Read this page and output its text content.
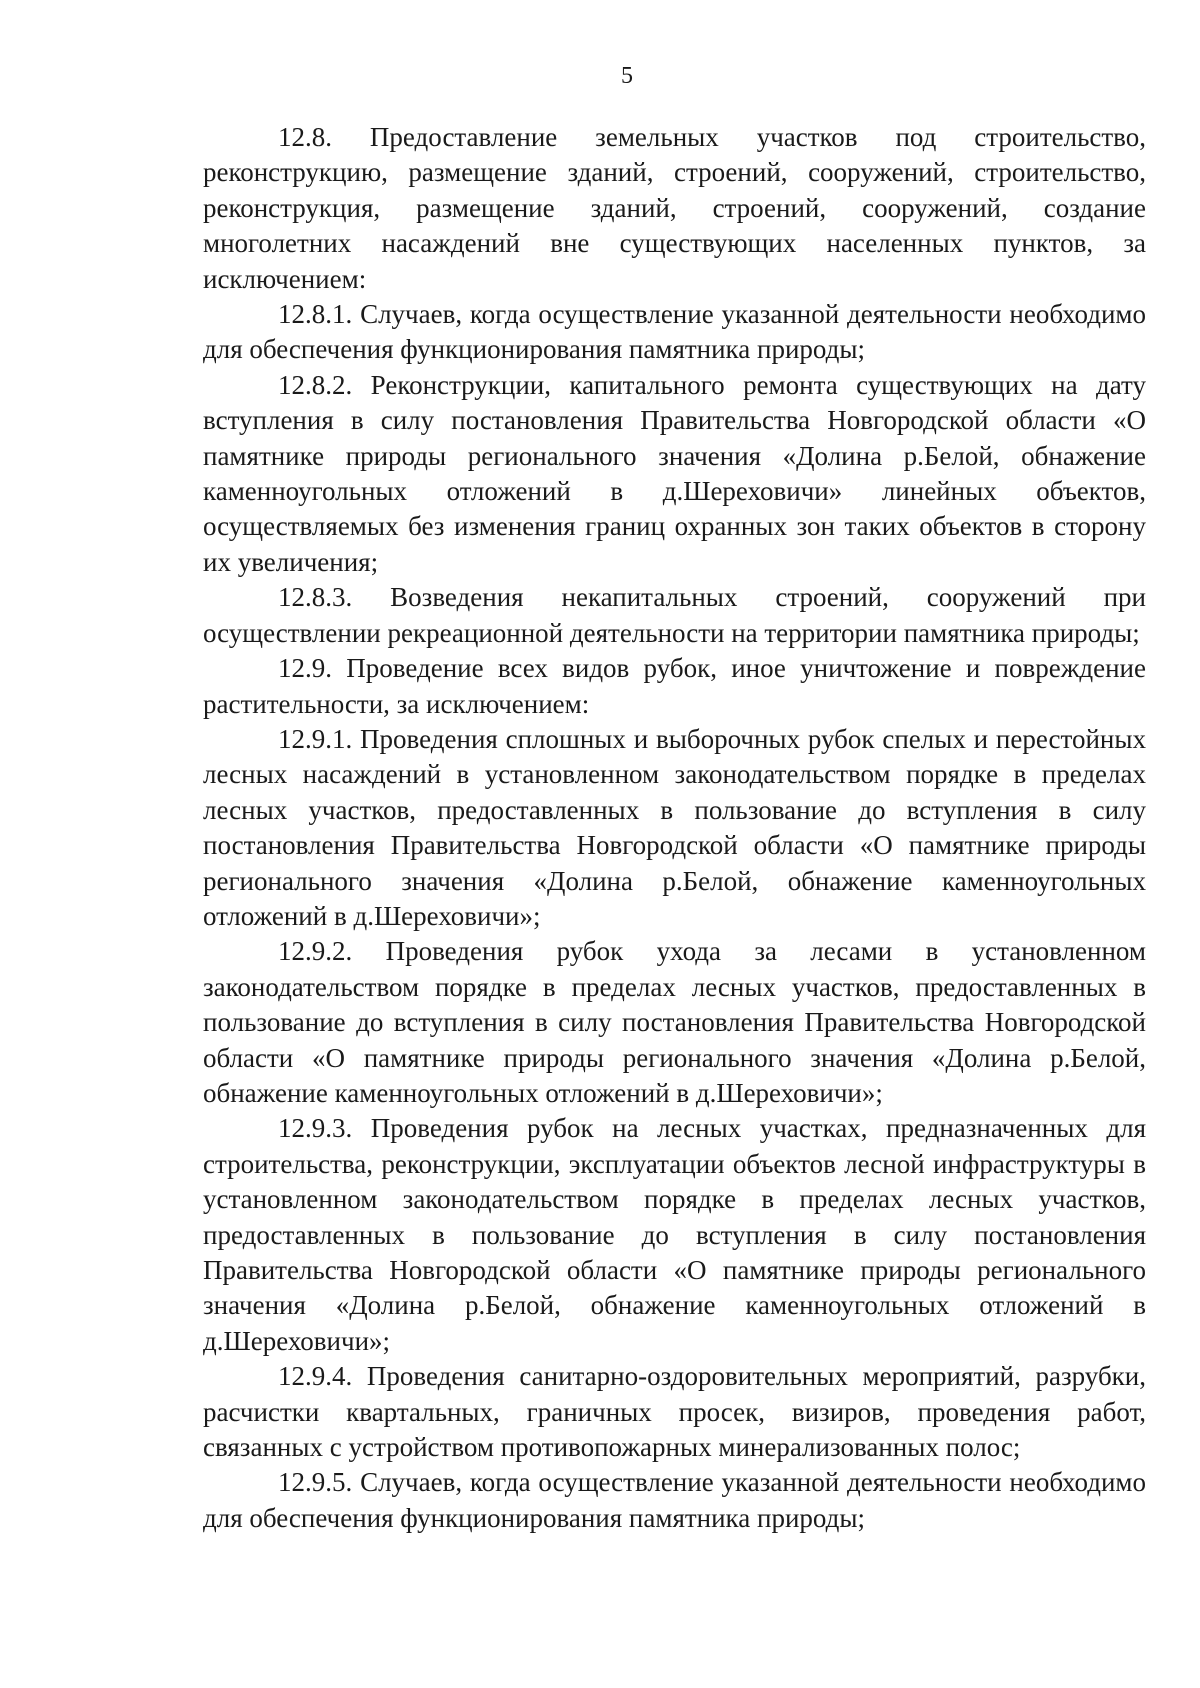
5

12.8. Предоставление земельных участков под строительство, реконструкцию, размещение зданий, строений, сооружений, строительство, реконструкция, размещение зданий, строений, сооружений, создание многолетних насаждений вне существующих населенных пунктов, за исключением:

12.8.1. Случаев, когда осуществление указанной деятельности необходимо для обеспечения функционирования памятника природы;

12.8.2. Реконструкции, капитального ремонта существующих на дату вступления в силу постановления Правительства Новгородской области «О памятнике природы регионального значения «Долина р.Белой, обнажение каменноугольных отложений в д.Шереховичи» линейных объектов, осуществляемых без изменения границ охранных зон таких объектов в сторону их увеличения;

12.8.3. Возведения некапитальных строений, сооружений при осуществлении рекреационной деятельности на территории памятника природы;

12.9. Проведение всех видов рубок, иное уничтожение и повреждение растительности, за исключением:

12.9.1. Проведения сплошных и выборочных рубок спелых и перестойных лесных насаждений в установленном законодательством порядке в пределах лесных участков, предоставленных в пользование до вступления в силу постановления Правительства Новгородской области «О памятнике природы регионального значения «Долина р.Белой, обнажение каменноугольных отложений в д.Шереховичи»;

12.9.2. Проведения рубок ухода за лесами в установленном законодательством порядке в пределах лесных участков, предоставленных в пользование до вступления в силу постановления Правительства Новгородской области «О памятнике природы регионального значения «Долина р.Белой, обнажение каменноугольных отложений в д.Шереховичи»;

12.9.3. Проведения рубок на лесных участках, предназначенных для строительства, реконструкции, эксплуатации объектов лесной инфраструктуры в установленном законодательством порядке в пределах лесных участков, предоставленных в пользование до вступления в силу постановления Правительства Новгородской области «О памятнике природы регионального значения «Долина р.Белой, обнажение каменноугольных отложений в д.Шереховичи»;

12.9.4. Проведения санитарно-оздоровительных мероприятий, разрубки, расчистки квартальных, граничных просек, визиров, проведения работ, связанных с устройством противопожарных минерализованных полос;

12.9.5. Случаев, когда осуществление указанной деятельности необходимо для обеспечения функционирования памятника природы;
